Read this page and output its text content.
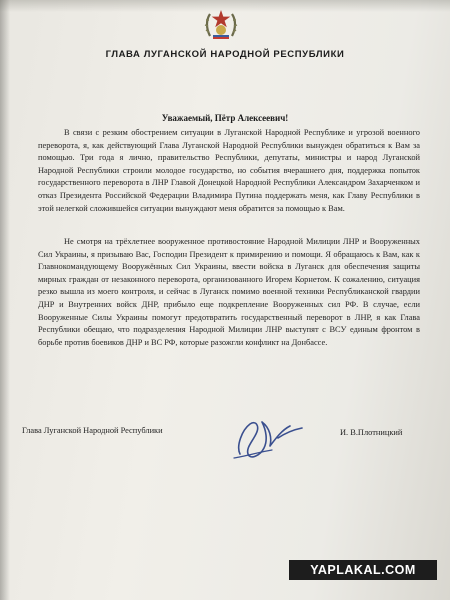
ГЛАВА ЛУГАНСКОЙ НАРОДНОЙ РЕСПУБЛИКИ
Уважаемый, Пётр Алексеевич!

В связи с резким обострением ситуации в Луганской Народной Республике и угрозой военного переворота, я, как действующий Глава Луганской Народной Республики вынужден обратиться к Вам за помощью. Три года я лично, правительство Республики, депутаты, министры и народ Луганской Народной Республики строили молодое государство, но события вчерашнего дня, поддержка попыток государственного переворота в ЛНР Главой Донецкой Народной Республики Александром Захарченком и отказ Президента Российской Федерации Владимира Путина поддержать меня, как Главу Республики в этой нелегкой сложившейся ситуации вынуждают меня обратится за помощью к Вам.

Не смотря на трёхлетнее вооруженное противостояние Народной Милиции ЛНР и Вооруженных Сил Украины, я призываю Вас, Господин Президент к примирению и помощи. Я обращаюсь к Вам, как к Главнокомандующему Вооружённых Сил Украины, ввести войска в Луганск для обеспечения защиты мирных граждан от незаконного переворота, организованного Игорем Корнетом. К сожалению, ситуация резко вышла из моего контроля, и сейчас в Луганск помимо военной техники Республиканской гвардии ДНР и Внутренних войск ДНР, прибыло еще подкрепление Вооруженных сил РФ. В случае, если Вооруженные Силы Украины помогут предотвратить государственный переворот в ЛНР, я как Глава Республики обещаю, что подразделения Народной Милиции ЛНР выступят с ВСУ единым фронтом в борьбе против боевиков ДНР и ВС РФ, которые разожгли конфликт на Донбассе.

Глава Луганской Народной Республики	И. В.Плотницкий
YAPLAKAL.COM
